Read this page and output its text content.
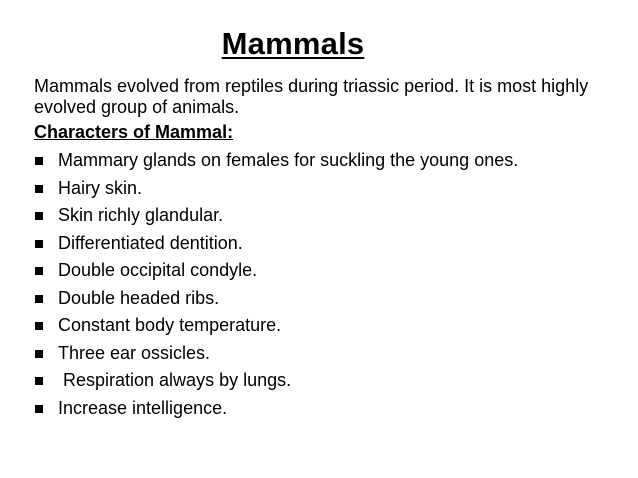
Mammals

Mammals evolved from reptiles during triassic period. It is most highly evolved group of animals.

Characters of Mammal:
Mammary glands on females for suckling the young ones.
Hairy skin.
Skin richly glandular.
Differentiated dentition.
Double occipital condyle.
Double headed ribs.
Constant body temperature.
Three ear ossicles.
Respiration always by lungs.
Increase intelligence.
